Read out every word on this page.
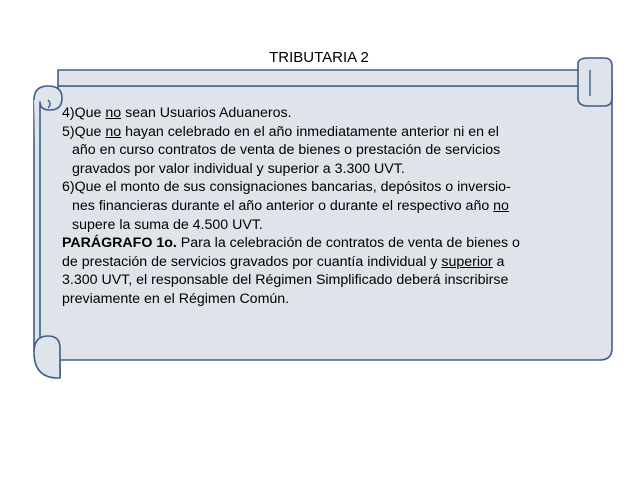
TRIBUTARIA 2
4)Que no sean Usuarios Aduaneros.
5)Que no hayan celebrado en el año inmediatamente anterior ni en el
año en curso contratos de venta de bienes o prestación de servicios
gravados por valor individual y superior a 3.300 UVT.
6)Que el monto de sus consignaciones bancarias, depósitos o inversio-
nes financieras durante el año anterior o durante el respectivo año no
supere la suma de 4.500 UVT.
PARÁGRAFO 1o. Para la celebración de contratos de venta de bienes o
de prestación de servicios gravados por cuantía individual y superior a
3.300 UVT, el responsable del Régimen Simplificado deberá inscribirse
previamente en el Régimen Común.
